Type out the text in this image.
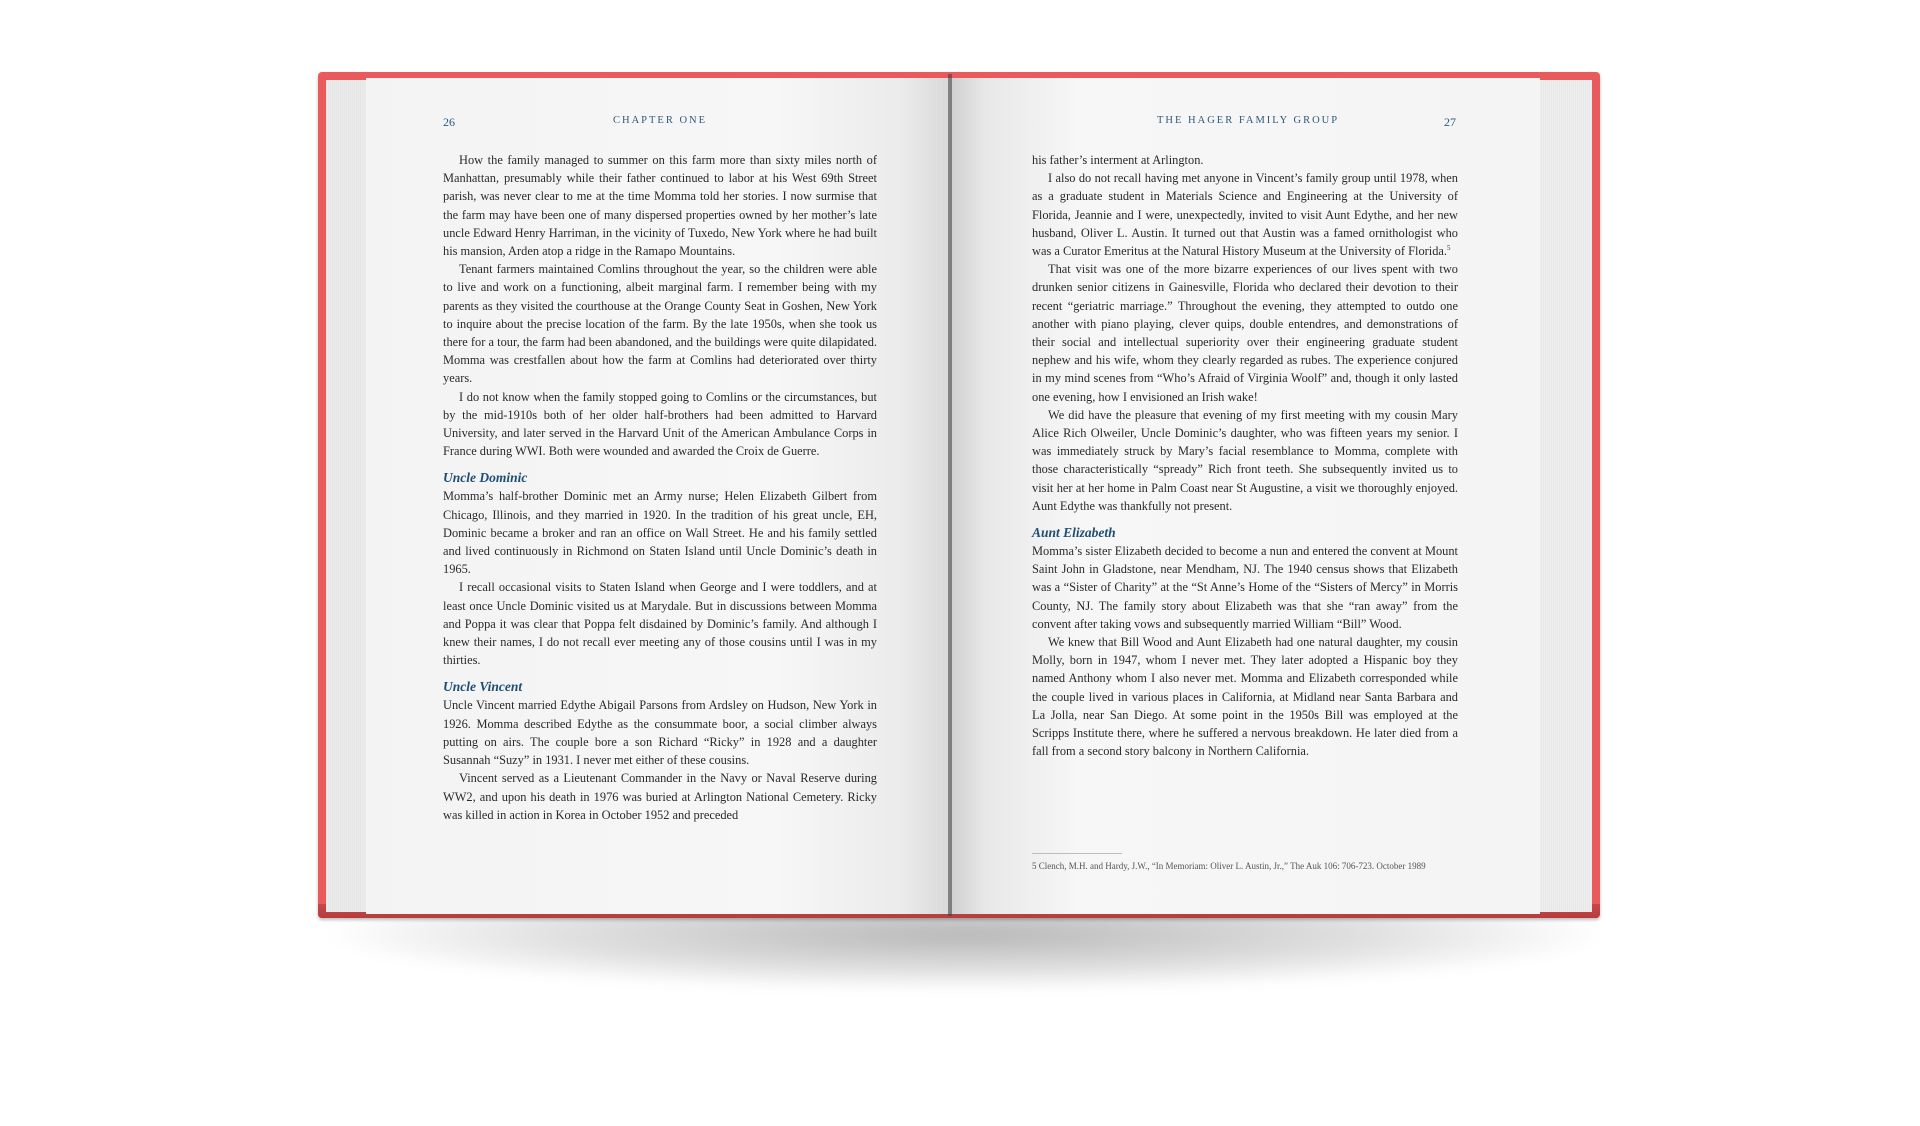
26	CHAPTER ONE	THE HAGER FAMILY GROUP	27

How the family managed to summer on this farm more than sixty miles north of Manhattan, presumably while their father continued to labor at his West 69th Street parish, was never clear to me at the time Momma told her stories. I now surmise that the farm may have been one of many dispersed properties owned by her mother’s late uncle Edward Henry Harriman, in the vicinity of Tuxedo, New York where he had built his mansion, Arden atop a ridge in the Ramapo Mountains.

Tenant farmers maintained Comlins throughout the year, so the children were able to live and work on a functioning, albeit marginal farm. I remember being with my parents as they visited the courthouse at the Orange County Seat in Goshen, New York to inquire about the precise location of the farm. By the late 1950s, when she took us there for a tour, the farm had been abandoned, and the buildings were quite dilapidated. Momma was crestfallen about how the farm at Comlins had deteriorated over thirty years.

I do not know when the family stopped going to Comlins or the circumstances, but by the mid-1910s both of her older half-brothers had been admitted to Harvard University, and later served in the Harvard Unit of the American Ambulance Corps in France during WWI. Both were wounded and awarded the Croix de Guerre.

Uncle Dominic

Momma’s half-brother Dominic met an Army nurse; Helen Elizabeth Gilbert from Chicago, Illinois, and they married in 1920. In the tradition of his great uncle, EH, Dominic became a broker and ran an office on Wall Street. He and his family settled and lived continuously in Richmond on Staten Island until Uncle Dominic’s death in 1965.

I recall occasional visits to Staten Island when George and I were toddlers, and at least once Uncle Dominic visited us at Marydale. But in discussions between Momma and Poppa it was clear that Poppa felt disdained by Dominic’s family. And although I knew their names, I do not recall ever meeting any of those cousins until I was in my thirties.

Uncle Vincent

Uncle Vincent married Edythe Abigail Parsons from Ardsley on Hudson, New York in 1926. Momma described Edythe as the consummate boor, a social climber always putting on airs. The couple bore a son Richard “Ricky” in 1928 and a daughter Susannah “Suzy” in 1931. I never met either of these cousins.

Vincent served as a Lieutenant Commander in the Navy or Naval Reserve during WW2, and upon his death in 1976 was buried at Arlington National Cemetery. Ricky was killed in action in Korea in October 1952 and preceded

his father’s interment at Arlington.

I also do not recall having met anyone in Vincent’s family group until 1978, when as a graduate student in Materials Science and Engineering at the University of Florida, Jeannie and I were, unexpectedly, invited to visit Aunt Edythe, and her new husband, Oliver L. Austin. It turned out that Austin was a famed ornithologist who was a Curator Emeritus at the Natural History Museum at the University of Florida.$^5$

That visit was one of the more bizarre experiences of our lives spent with two drunken senior citizens in Gainesville, Florida who declared their devotion to their recent “geriatric marriage.” Throughout the evening, they attempted to outdo one another with piano playing, clever quips, double entendres, and demonstrations of their social and intellectual superiority over their engineering graduate student nephew and his wife, whom they clearly regarded as rubes. The experience conjured in my mind scenes from “Who’s Afraid of Virginia Woolf” and, though it only lasted one evening, how I envisioned an Irish wake!

We did have the pleasure that evening of my first meeting with my cousin Mary Alice Rich Olweiler, Uncle Dominic’s daughter, who was fifteen years my senior. I was immediately struck by Mary’s facial resemblance to Momma, complete with those characteristically “spready” Rich front teeth. She subsequently invited us to visit her at her home in Palm Coast near St Augustine, a visit we thoroughly enjoyed. Aunt Edythe was thankfully not present.

Aunt Elizabeth

Momma’s sister Elizabeth decided to become a nun and entered the convent at Mount Saint John in Gladstone, near Mendham, NJ. The 1940 census shows that Elizabeth was a “Sister of Charity” at the “St Anne’s Home of the “Sisters of Mercy” in Morris County, NJ. The family story about Elizabeth was that she “ran away” from the convent after taking vows and subsequently married William “Bill” Wood.

We knew that Bill Wood and Aunt Elizabeth had one natural daughter, my cousin Molly, born in 1947, whom I never met. They later adopted a Hispanic boy they named Anthony whom I also never met. Momma and Elizabeth corresponded while the couple lived in various places in California, at Midland near Santa Barbara and La Jolla, near San Diego. At some point in the 1950s Bill was employed at the Scripps Institute there, where he suffered a nervous breakdown. He later died from a fall from a second story balcony in Northern California.

5 Clench, M.H. and Hardy, J.W., “In Memoriam: Oliver L. Austin, Jr.,” The Auk 106: 706-723. October 1989
